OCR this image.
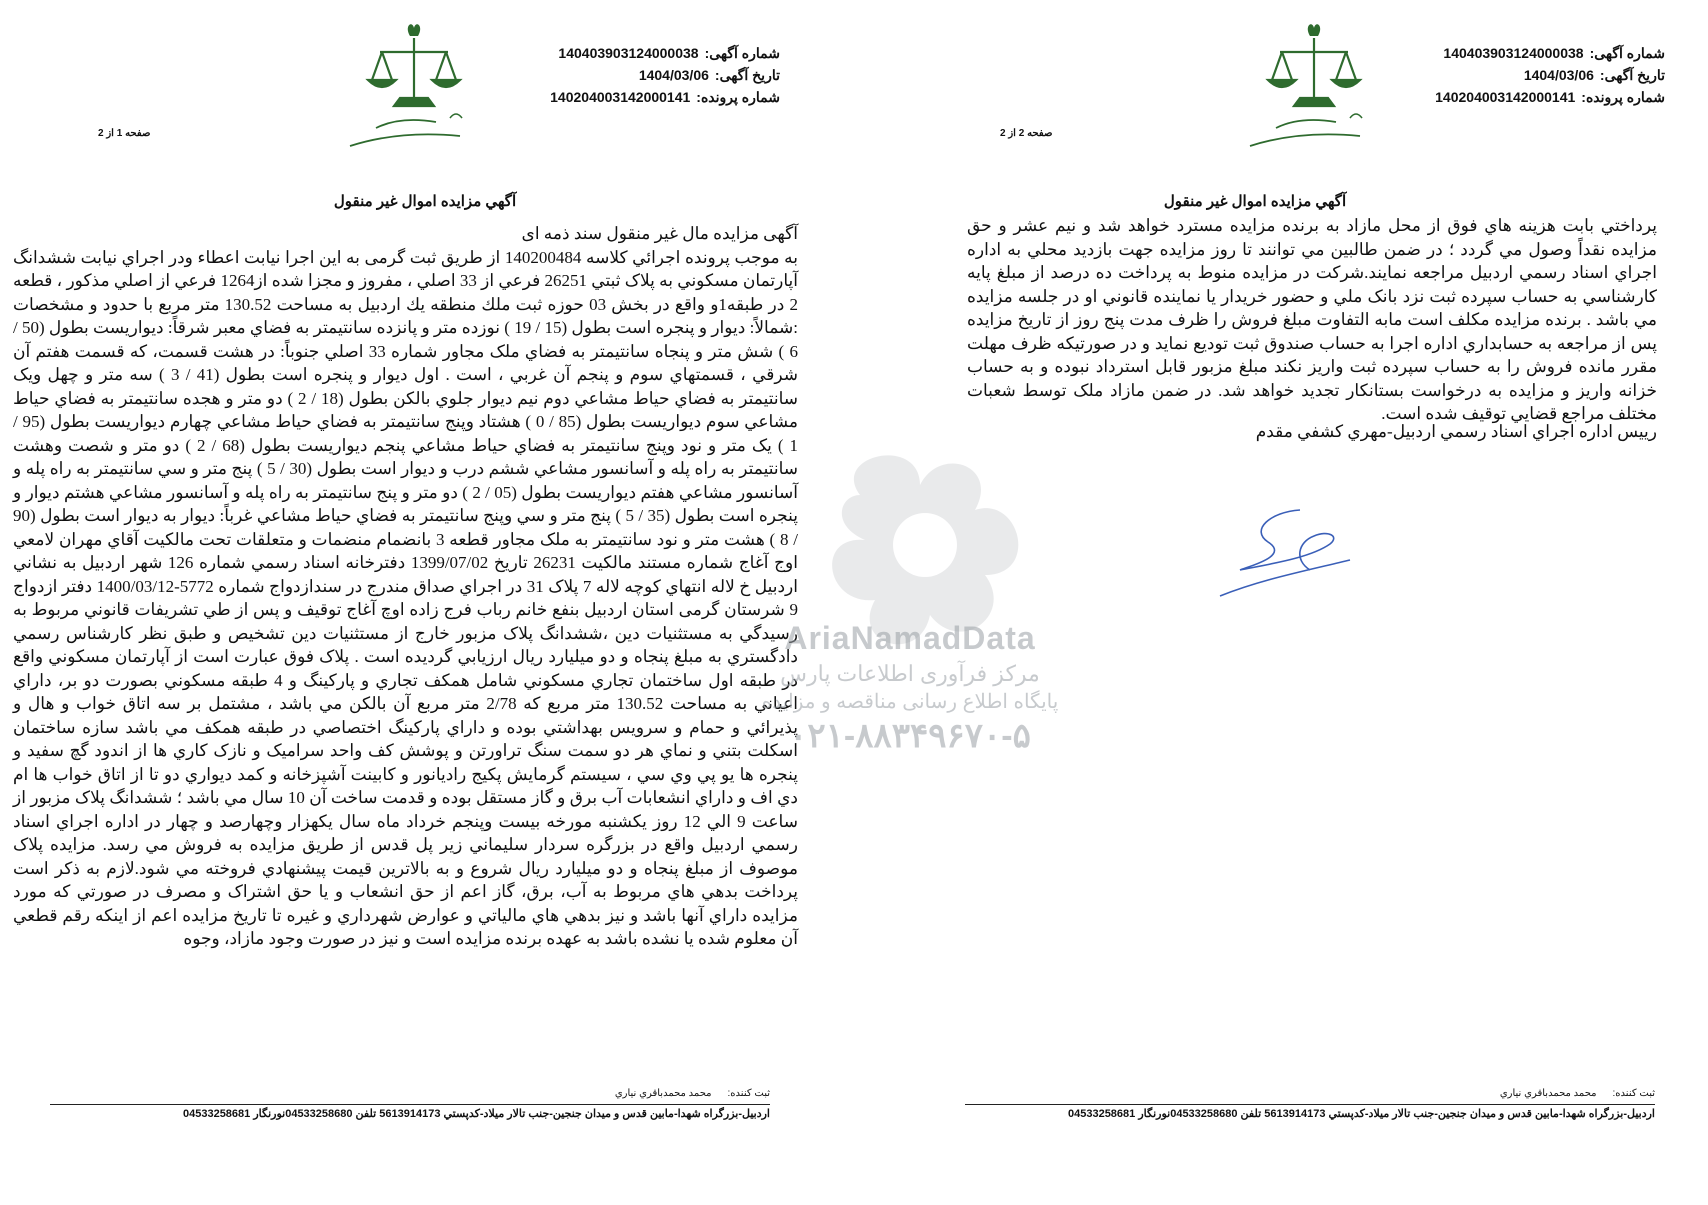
شماره آگهی:140403903124000038
تاريخ آگهی:1404/03/06
شماره پرونده:140204003142000141
صفحه 2 از 2
آگهي مزايده اموال غير منقول
پرداختي بابت هزينه هاي فوق از محل مازاد به برنده مزايده مسترد خواهد شد و نيم عشر و حق مزايده نقداً وصول مي گردد ؛ در ضمن طالبين مي توانند تا روز مزايده جهت بازديد محلي به اداره اجراي اسناد رسمي اردبيل مراجعه نمايند.شركت در مزايده منوط به پرداخت ده درصد از مبلغ پايه كارشناسي به حساب سپرده ثبت نزد بانک ملي و حضور خريدار يا نماينده قانوني او در جلسه مزايده مي باشد . برنده مزايده مكلف است مابه التفاوت مبلغ فروش را ظرف مدت پنج روز از تاريخ مزايده پس از مراجعه به حسابداري اداره اجرا به حساب صندوق ثبت توديع نمايد و در صورتيكه ظرف مهلت مقرر مانده فروش را به حساب سپرده ثبت واريز نكند مبلغ مزبور قابل استرداد نبوده و به حساب خزانه واريز و مزايده به درخواست بستانكار تجديد خواهد شد. در ضمن مازاد ملک توسط شعبات مختلف مراجع قضايي توقيف شده است.
رييس اداره اجراي اسناد رسمي اردبيل-مهري كشفي مقدم
ثبت كننده:
محمد محمدباقري نياري
اردبيل-بزرگراه شهدا-مابين قدس و ميدان جنجين-جنب تالار ميلاد-كدپستي 5613914173 تلفن 04533258680نورنگار 04533258681
شماره آگهی:140403903124000038
تاريخ آگهی:1404/03/06
شماره پرونده:140204003142000141
صفحه 1 از 2
آگهي مزايده اموال غير منقول
آگهی مزایده مال غیر منقول سند ذمه ای
به موجب پرونده اجرائي كلاسه 140200484 از طريق ثبت گرمی به اين اجرا نيابت اعطاء ودر اجراي نيابت ششدانگ آپارتمان مسكوني به پلاک ثبتي 26251 فرعي از 33 اصلي ، مفروز و مجزا شده از1264 فرعي از اصلي مذكور ، قطعه 2 در طبقه1و واقع در بخش 03 حوزه ثبت ملك منطقه يك اردبيل به مساحت 130.52 متر مربع با حدود و مشخصات :شمالاً: ديوار و پنجره است بطول (15 / 19 ) نوزده متر و پانزده سانتيمتر به فضاي معبر شرقاً: ديواريست بطول (50 / 6 ) شش متر و پنجاه سانتيمتر به فضاي ملک مجاور شماره 33 اصلي جنوباً: در هشت قسمت، كه قسمت هفتم آن شرقي ، قسمتهاي سوم و پنجم آن غربي ، است . اول ديوار و پنجره است بطول (41 / 3 ) سه متر و چهل ويک سانتيمتر به فضاي حياط مشاعي دوم نيم ديوار جلوي بالكن بطول (18 / 2 ) دو متر و هجده سانتيمتر به فضاي حياط مشاعي سوم ديواريست بطول (85 / 0 ) هشتاد وپنج سانتيمتر به فضاي حياط مشاعي چهارم ديواريست بطول (95 / 1 ) يک متر و نود وپنج سانتيمتر به فضاي حياط مشاعي پنجم ديواريست بطول (68 / 2 ) دو متر و شصت وهشت سانتيمتر به راه پله و آسانسور مشاعي ششم درب و ديوار است بطول (30 / 5 ) پنج متر و سي سانتيمتر به راه پله و آسانسور مشاعي هفتم ديواريست بطول (05 / 2 ) دو متر و پنج سانتيمتر به راه پله و آسانسور مشاعي هشتم ديوار و پنجره است بطول (35 / 5 ) پنج متر و سي وپنج سانتيمتر به فضاي حياط مشاعي غرباً: ديوار به ديوار است بطول (90 / 8 ) هشت متر و نود سانتيمتر به ملک مجاور قطعه 3 بانضمام منضمات و متعلقات تحت مالكيت آقاي مهران لامعي اوج آغاج شماره مستند مالكيت 26231 تاريخ 1399/07/02 دفترخانه اسناد رسمي شماره 126 شهر اردبيل به نشاني اردبيل خ لاله انتهاي كوچه لاله 7 پلاک 31 در اجراي صداق مندرج در سندازدواج شماره 5772-1400/03/12 دفتر ازدواج 9 شرستان گرمی استان اردبيل بنفع خانم رباب فرج زاده اوچ آغاج توقيف و پس از طي تشريفات قانوني مربوط به رسيدگي به مستثنيات دين ،ششدانگ پلاک مزبور خارج از مستثنيات دين تشخيص و طبق نظر كارشناس رسمي دادگستري به مبلغ پنجاه و دو ميليارد ريال ارزيابي گرديده است . پلاک فوق عبارت است از آپارتمان مسكوني واقع در طبقه اول ساختمان تجاري مسكوني شامل همكف تجاري و پاركينگ و 4 طبقه مسكوني بصورت دو بر، داراي اعياني به مساحت 130.52 متر مربع كه 2/78 متر مربع آن بالكن مي باشد ، مشتمل بر سه اتاق خواب و هال و پذيرائي و حمام و سرويس بهداشتي بوده و داراي پاركينگ اختصاصي در طبقه همكف مي باشد سازه ساختمان اسكلت بتني و نماي هر دو سمت سنگ تراورتن و پوشش كف واحد سراميک و نازک كاري ها از اندود گچ سفيد و پنجره ها يو پي وي سي ، سيستم گرمايش پكيج راديانور و كابينت آشپزخانه و كمد ديواري دو تا از اتاق خواب ها ام دي اف و داراي انشعابات آب برق و گاز مستقل بوده و قدمت ساخت آن 10 سال مي باشد ؛ ششدانگ پلاک مزبور از ساعت 9 الي 12 روز يكشنبه مورخه بيست وپنجم خرداد ماه سال يكهزار وچهارصد و چهار در اداره اجراي اسناد رسمي اردبيل واقع در بزرگره سردار سليماني زير پل قدس از طريق مزايده به فروش مي رسد. مزايده پلاک موصوف از مبلغ پنجاه و دو ميليارد ريال شروع و به بالاترين قيمت پيشنهادي فروخته مي شود.لازم به ذكر است پرداخت بدهي هاي مربوط به آب، برق، گاز اعم از حق انشعاب و يا حق اشتراک و مصرف در صورتي كه مورد مزايده داراي آنها باشد و نيز بدهي هاي مالياتي و عوارض شهرداري و غيره تا تاريخ مزايده اعم از اينكه رقم قطعي آن معلوم شده يا نشده باشد به عهده برنده مزايده است و نيز در صورت وجود مازاد، وجوه
ثبت كننده:
محمد محمدباقري نياري
اردبيل-بزرگراه شهدا-مابين قدس و ميدان جنجين-جنب تالار ميلاد-كدپستي 5613914173 تلفن 04533258680نورنگار 04533258681
AriaNamadData
مرکز فرآوری اطلاعات پارس
پایگاه اطلاع رسانی مناقصه و مزایده
۰۲۱-۸۸۳۴۹۶۷۰-۵
